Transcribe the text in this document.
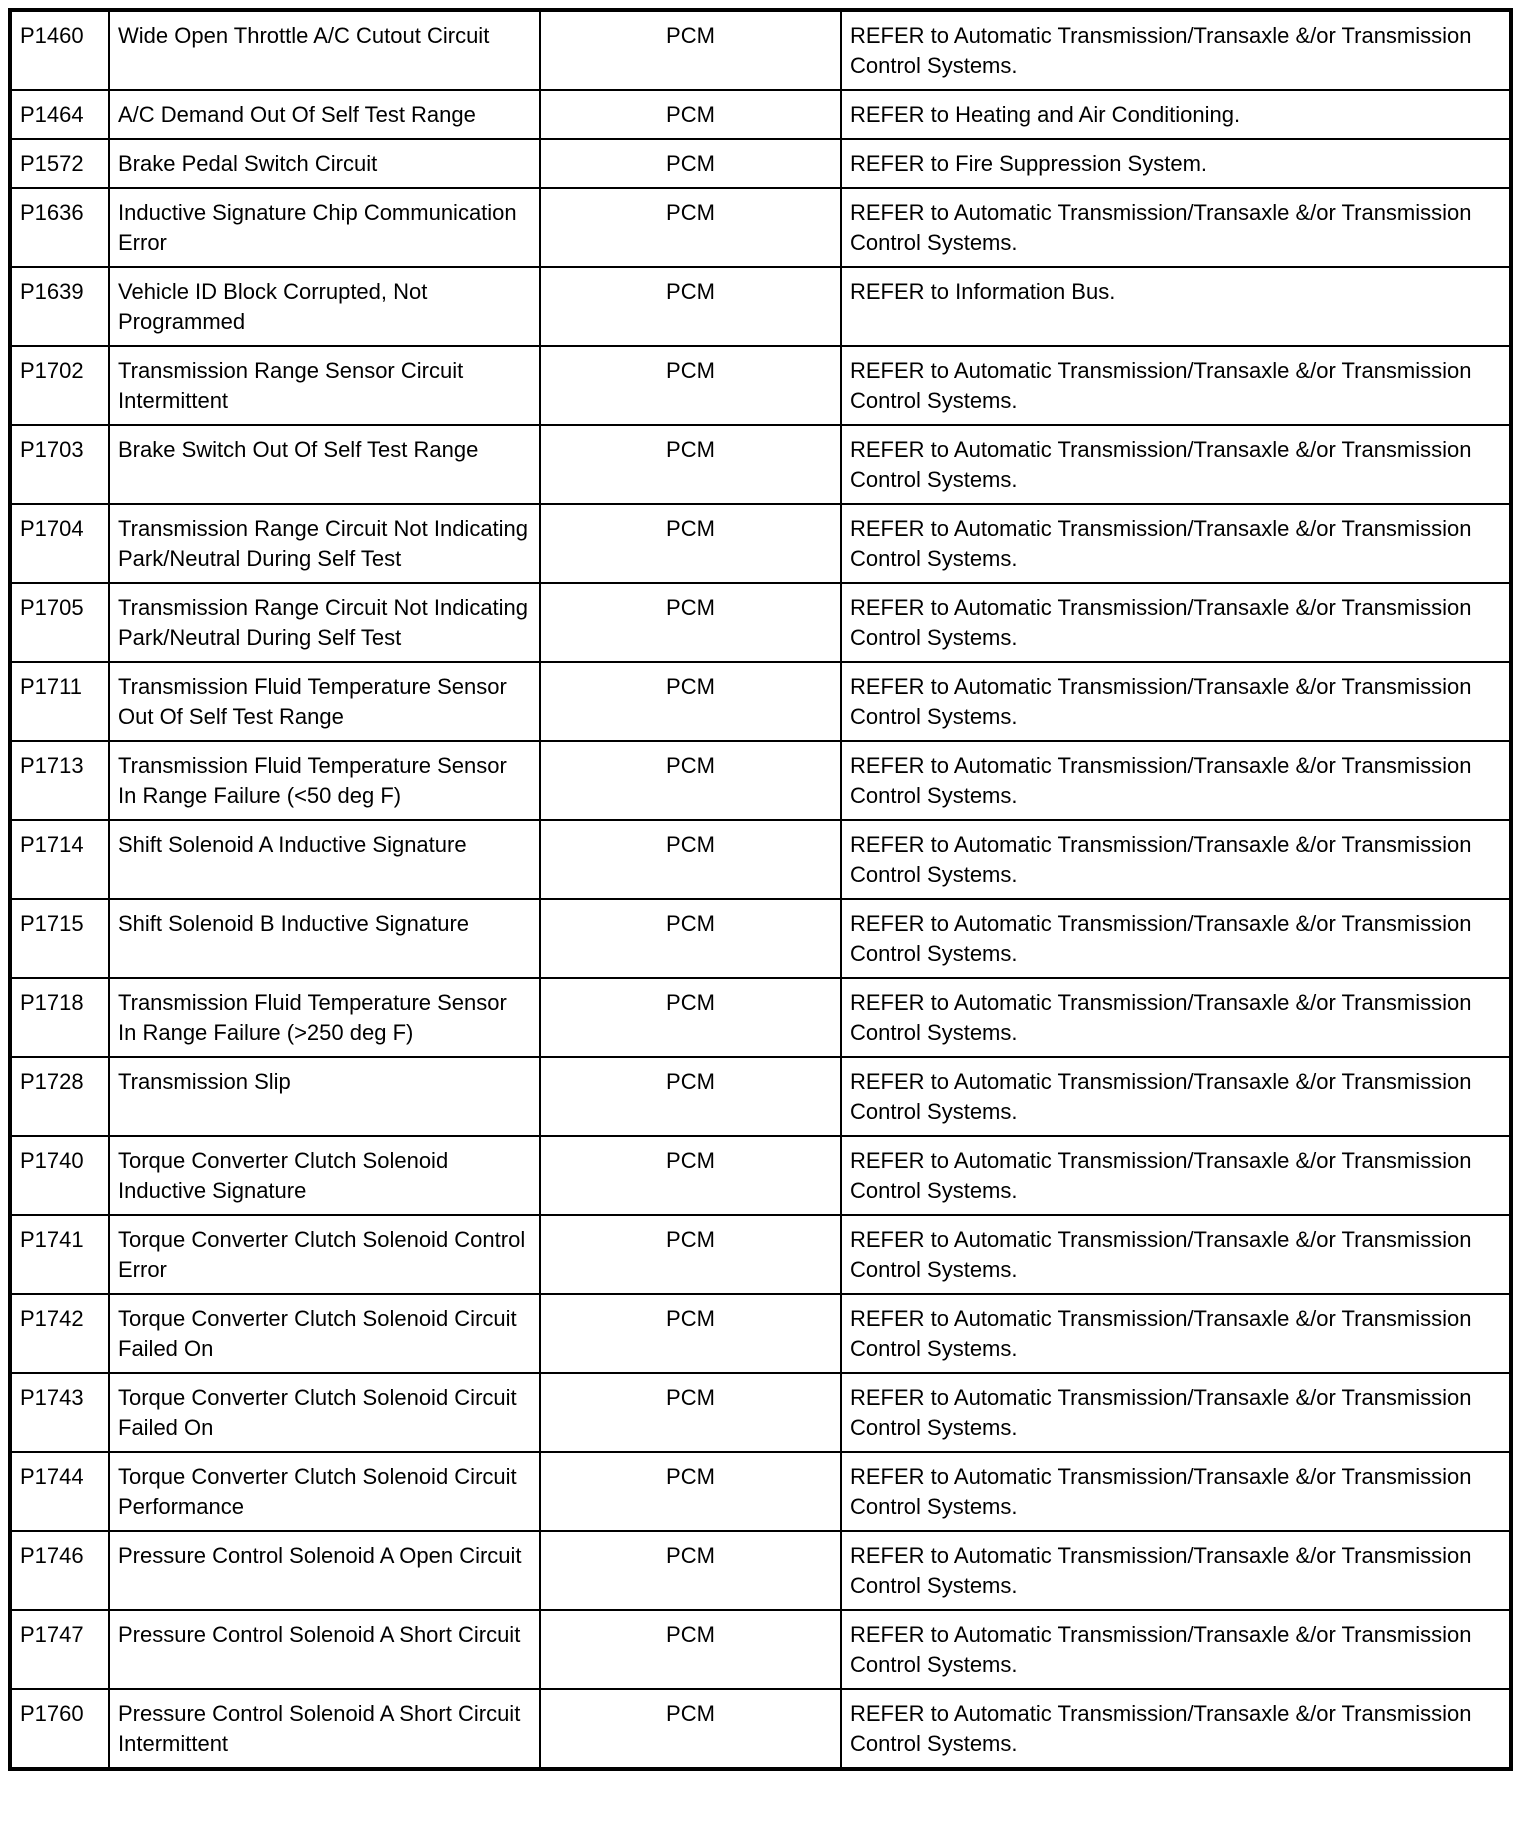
P1460	Wide Open Throttle A/C Cutout Circuit	PCM	REFER to Automatic Transmission/Transaxle &/or Transmission Control Systems.
P1464	A/C Demand Out Of Self Test Range	PCM	REFER to Heating and Air Conditioning.
P1572	Brake Pedal Switch Circuit	PCM	REFER to Fire Suppression System.
P1636	Inductive Signature Chip Communication Error	PCM	REFER to Automatic Transmission/Transaxle &/or Transmission Control Systems.
P1639	Vehicle ID Block Corrupted, Not Programmed	PCM	REFER to Information Bus.
P1702	Transmission Range Sensor Circuit Intermittent	PCM	REFER to Automatic Transmission/Transaxle &/or Transmission Control Systems.
P1703	Brake Switch Out Of Self Test Range	PCM	REFER to Automatic Transmission/Transaxle &/or Transmission Control Systems.
P1704	Transmission Range Circuit Not Indicating Park/Neutral During Self Test	PCM	REFER to Automatic Transmission/Transaxle &/or Transmission Control Systems.
P1705	Transmission Range Circuit Not Indicating Park/Neutral During Self Test	PCM	REFER to Automatic Transmission/Transaxle &/or Transmission Control Systems.
P1711	Transmission Fluid Temperature Sensor Out Of Self Test Range	PCM	REFER to Automatic Transmission/Transaxle &/or Transmission Control Systems.
P1713	Transmission Fluid Temperature Sensor In Range Failure (<50 deg F)	PCM	REFER to Automatic Transmission/Transaxle &/or Transmission Control Systems.
P1714	Shift Solenoid A Inductive Signature	PCM	REFER to Automatic Transmission/Transaxle &/or Transmission Control Systems.
P1715	Shift Solenoid B Inductive Signature	PCM	REFER to Automatic Transmission/Transaxle &/or Transmission Control Systems.
P1718	Transmission Fluid Temperature Sensor In Range Failure (>250 deg F)	PCM	REFER to Automatic Transmission/Transaxle &/or Transmission Control Systems.
P1728	Transmission Slip	PCM	REFER to Automatic Transmission/Transaxle &/or Transmission Control Systems.
P1740	Torque Converter Clutch Solenoid Inductive Signature	PCM	REFER to Automatic Transmission/Transaxle &/or Transmission Control Systems.
P1741	Torque Converter Clutch Solenoid Control Error	PCM	REFER to Automatic Transmission/Transaxle &/or Transmission Control Systems.
P1742	Torque Converter Clutch Solenoid Circuit Failed On	PCM	REFER to Automatic Transmission/Transaxle &/or Transmission Control Systems.
P1743	Torque Converter Clutch Solenoid Circuit Failed On	PCM	REFER to Automatic Transmission/Transaxle &/or Transmission Control Systems.
P1744	Torque Converter Clutch Solenoid Circuit Performance	PCM	REFER to Automatic Transmission/Transaxle &/or Transmission Control Systems.
P1746	Pressure Control Solenoid A Open Circuit	PCM	REFER to Automatic Transmission/Transaxle &/or Transmission Control Systems.
P1747	Pressure Control Solenoid A Short Circuit	PCM	REFER to Automatic Transmission/Transaxle &/or Transmission Control Systems.
P1760	Pressure Control Solenoid A Short Circuit Intermittent	PCM	REFER to Automatic Transmission/Transaxle &/or Transmission Control Systems.
